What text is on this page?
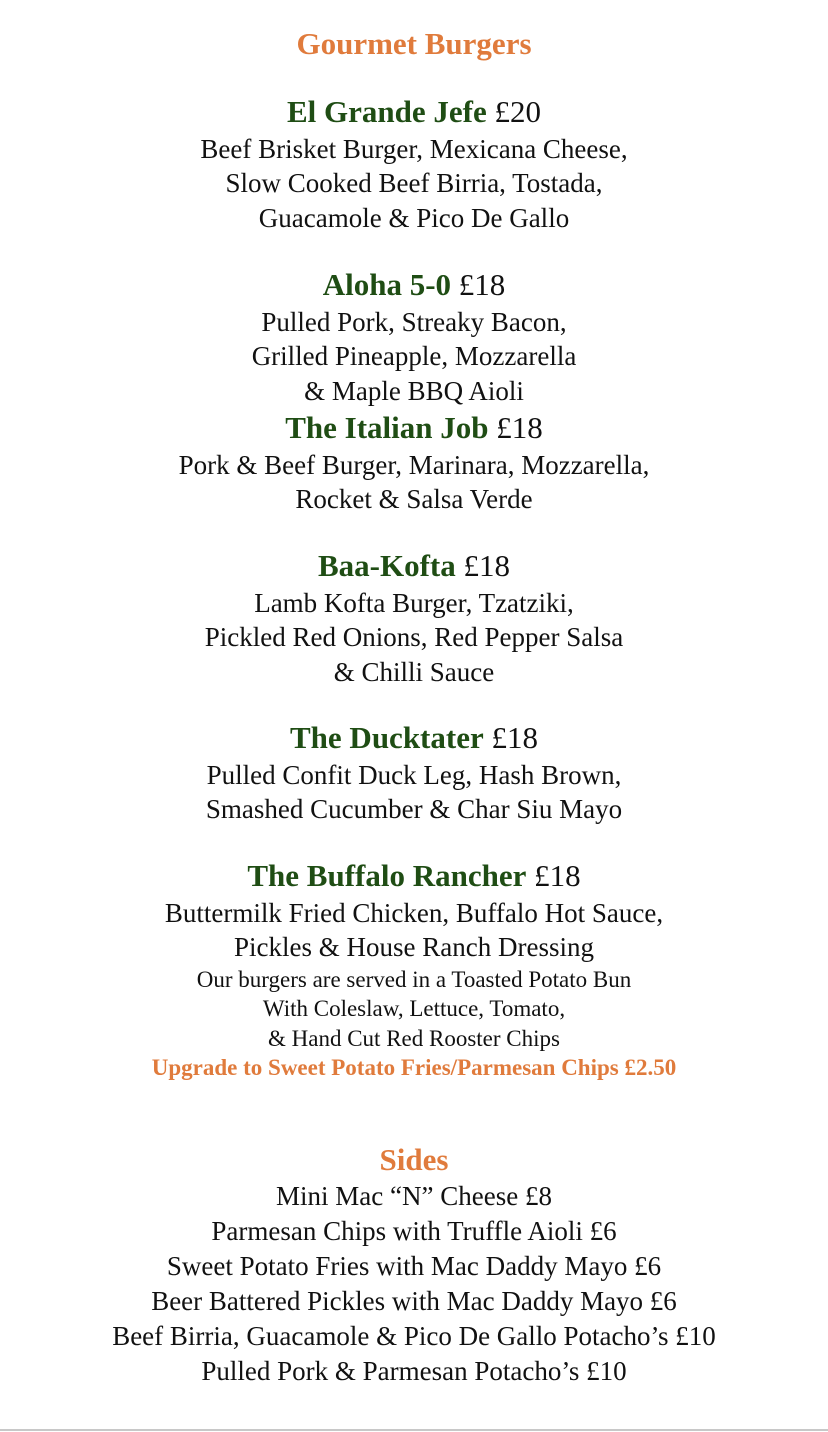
Gourmet Burgers
El Grande Jefe £20
Beef Brisket Burger, Mexicana Cheese,
Slow Cooked Beef Birria, Tostada,
Guacamole & Pico De Gallo
Aloha 5-0 £18
Pulled Pork, Streaky Bacon,
Grilled Pineapple, Mozzarella
& Maple BBQ Aioli
The Italian Job £18
Pork & Beef Burger, Marinara, Mozzarella,
Rocket & Salsa Verde
Baa-Kofta £18
Lamb Kofta Burger, Tzatziki,
Pickled Red Onions, Red Pepper Salsa
& Chilli Sauce
The Ducktater £18
Pulled Confit Duck Leg, Hash Brown,
Smashed Cucumber & Char Siu Mayo
The Buffalo Rancher £18
Buttermilk Fried Chicken, Buffalo Hot Sauce,
Pickles & House Ranch Dressing
Our burgers are served in a Toasted Potato Bun
With Coleslaw, Lettuce, Tomato,
& Hand Cut Red Rooster Chips
Upgrade to Sweet Potato Fries/Parmesan Chips £2.50
Sides
Mini Mac “N” Cheese £8
Parmesan Chips with Truffle Aioli £6
Sweet Potato Fries with Mac Daddy Mayo £6
Beer Battered Pickles with Mac Daddy Mayo £6
Beef Birria, Guacamole & Pico De Gallo Potacho’s £10
Pulled Pork & Parmesan Potacho’s £10
